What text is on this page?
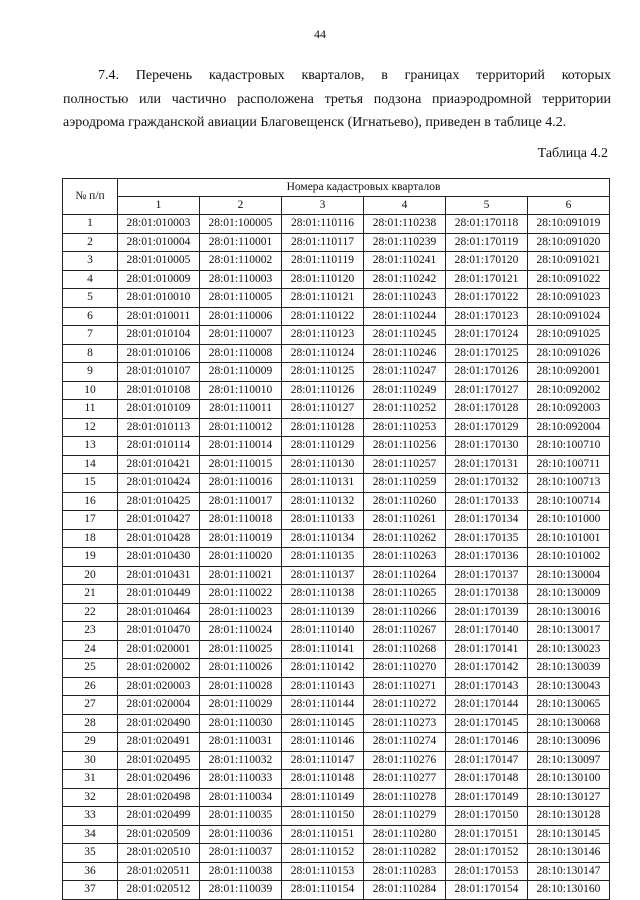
44
7.4. Перечень кадастровых кварталов, в границах территорий которых
полностью или частично расположена третья подзона приаэродромной территории
аэродрома гражданской авиации Благовещенск (Игнатьево), приведен в таблице 4.2.
Таблица 4.2
№ п/п	Номера кадастровых кварталов					
	1	2	3	4	5	6
1	28:01:010003	28:01:100005	28:01:110116	28:01:110238	28:01:170118	28:10:091019
2	28:01:010004	28:01:110001	28:01:110117	28:01:110239	28:01:170119	28:10:091020
3	28:01:010005	28:01:110002	28:01:110119	28:01:110241	28:01:170120	28:10:091021
4	28:01:010009	28:01:110003	28:01:110120	28:01:110242	28:01:170121	28:10:091022
5	28:01:010010	28:01:110005	28:01:110121	28:01:110243	28:01:170122	28:10:091023
6	28:01:010011	28:01:110006	28:01:110122	28:01:110244	28:01:170123	28:10:091024
7	28:01:010104	28:01:110007	28:01:110123	28:01:110245	28:01:170124	28:10:091025
8	28:01:010106	28:01:110008	28:01:110124	28:01:110246	28:01:170125	28:10:091026
9	28:01:010107	28:01:110009	28:01:110125	28:01:110247	28:01:170126	28:10:092001
10	28:01:010108	28:01:110010	28:01:110126	28:01:110249	28:01:170127	28:10:092002
11	28:01:010109	28:01:110011	28:01:110127	28:01:110252	28:01:170128	28:10:092003
12	28:01:010113	28:01:110012	28:01:110128	28:01:110253	28:01:170129	28:10:092004
13	28:01:010114	28:01:110014	28:01:110129	28:01:110256	28:01:170130	28:10:100710
14	28:01:010421	28:01:110015	28:01:110130	28:01:110257	28:01:170131	28:10:100711
15	28:01:010424	28:01:110016	28:01:110131	28:01:110259	28:01:170132	28:10:100713
16	28:01:010425	28:01:110017	28:01:110132	28:01:110260	28:01:170133	28:10:100714
17	28:01:010427	28:01:110018	28:01:110133	28:01:110261	28:01:170134	28:10:101000
18	28:01:010428	28:01:110019	28:01:110134	28:01:110262	28:01:170135	28:10:101001
19	28:01:010430	28:01:110020	28:01:110135	28:01:110263	28:01:170136	28:10:101002
20	28:01:010431	28:01:110021	28:01:110137	28:01:110264	28:01:170137	28:10:130004
21	28:01:010449	28:01:110022	28:01:110138	28:01:110265	28:01:170138	28:10:130009
22	28:01:010464	28:01:110023	28:01:110139	28:01:110266	28:01:170139	28:10:130016
23	28:01:010470	28:01:110024	28:01:110140	28:01:110267	28:01:170140	28:10:130017
24	28:01:020001	28:01:110025	28:01:110141	28:01:110268	28:01:170141	28:10:130023
25	28:01:020002	28:01:110026	28:01:110142	28:01:110270	28:01:170142	28:10:130039
26	28:01:020003	28:01:110028	28:01:110143	28:01:110271	28:01:170143	28:10:130043
27	28:01:020004	28:01:110029	28:01:110144	28:01:110272	28:01:170144	28:10:130065
28	28:01:020490	28:01:110030	28:01:110145	28:01:110273	28:01:170145	28:10:130068
29	28:01:020491	28:01:110031	28:01:110146	28:01:110274	28:01:170146	28:10:130096
30	28:01:020495	28:01:110032	28:01:110147	28:01:110276	28:01:170147	28:10:130097
31	28:01:020496	28:01:110033	28:01:110148	28:01:110277	28:01:170148	28:10:130100
32	28:01:020498	28:01:110034	28:01:110149	28:01:110278	28:01:170149	28:10:130127
33	28:01:020499	28:01:110035	28:01:110150	28:01:110279	28:01:170150	28:10:130128
34	28:01:020509	28:01:110036	28:01:110151	28:01:110280	28:01:170151	28:10:130145
35	28:01:020510	28:01:110037	28:01:110152	28:01:110282	28:01:170152	28:10:130146
36	28:01:020511	28:01:110038	28:01:110153	28:01:110283	28:01:170153	28:10:130147
37	28:01:020512	28:01:110039	28:01:110154	28:01:110284	28:01:170154	28:10:130160
